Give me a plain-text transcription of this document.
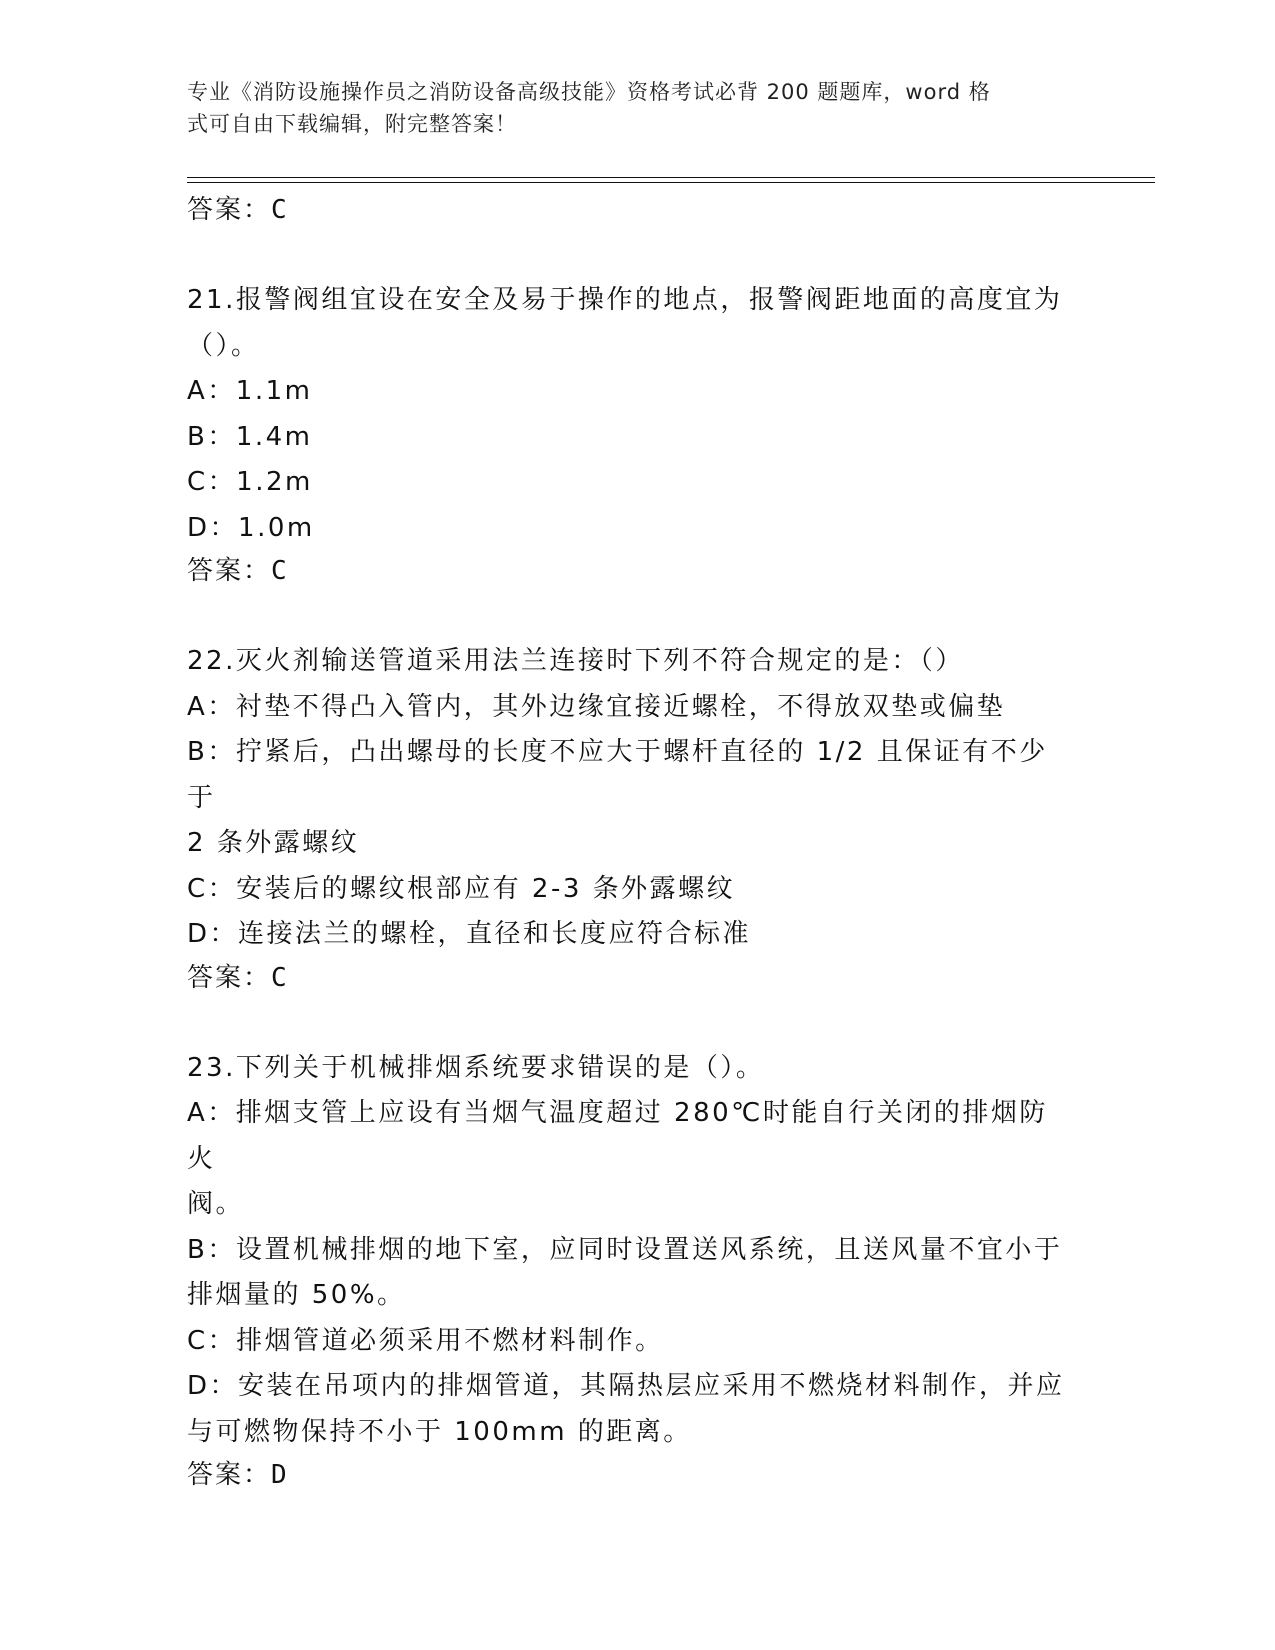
专业《消防设施操作员之消防设备高级技能》资格考试必背 200 题题库，word 格
式可自由下载编辑，附完整答案！
答案：C

21.报警阀组宜设在安全及易于操作的地点，报警阀距地面的高度宜为

（）。

A：1.1m

B：1.4m

C：1.2m

D：1.0m

答案：C

22.灭火剂输送管道采用法兰连接时下列不符合规定的是：（）

A：衬垫不得凸入管内，其外边缘宜接近螺栓，不得放双垫或偏垫

B：拧紧后，凸出螺母的长度不应大于螺杆直径的 1/2 且保证有不少于

2 条外露螺纹

C：安装后的螺纹根部应有 2-3 条外露螺纹

D：连接法兰的螺栓，直径和长度应符合标准

答案：C

23.下列关于机械排烟系统要求错误的是（）。

A：排烟支管上应设有当烟气温度超过 280℃时能自行关闭的排烟防火

阀。

B：设置机械排烟的地下室，应同时设置送风系统，且送风量不宜小于

排烟量的 50%。

C：排烟管道必须采用不燃材料制作。

D：安装在吊项内的排烟管道，其隔热层应采用不燃烧材料制作，并应

与可燃物保持不小于 100mm 的距离。

答案：D
